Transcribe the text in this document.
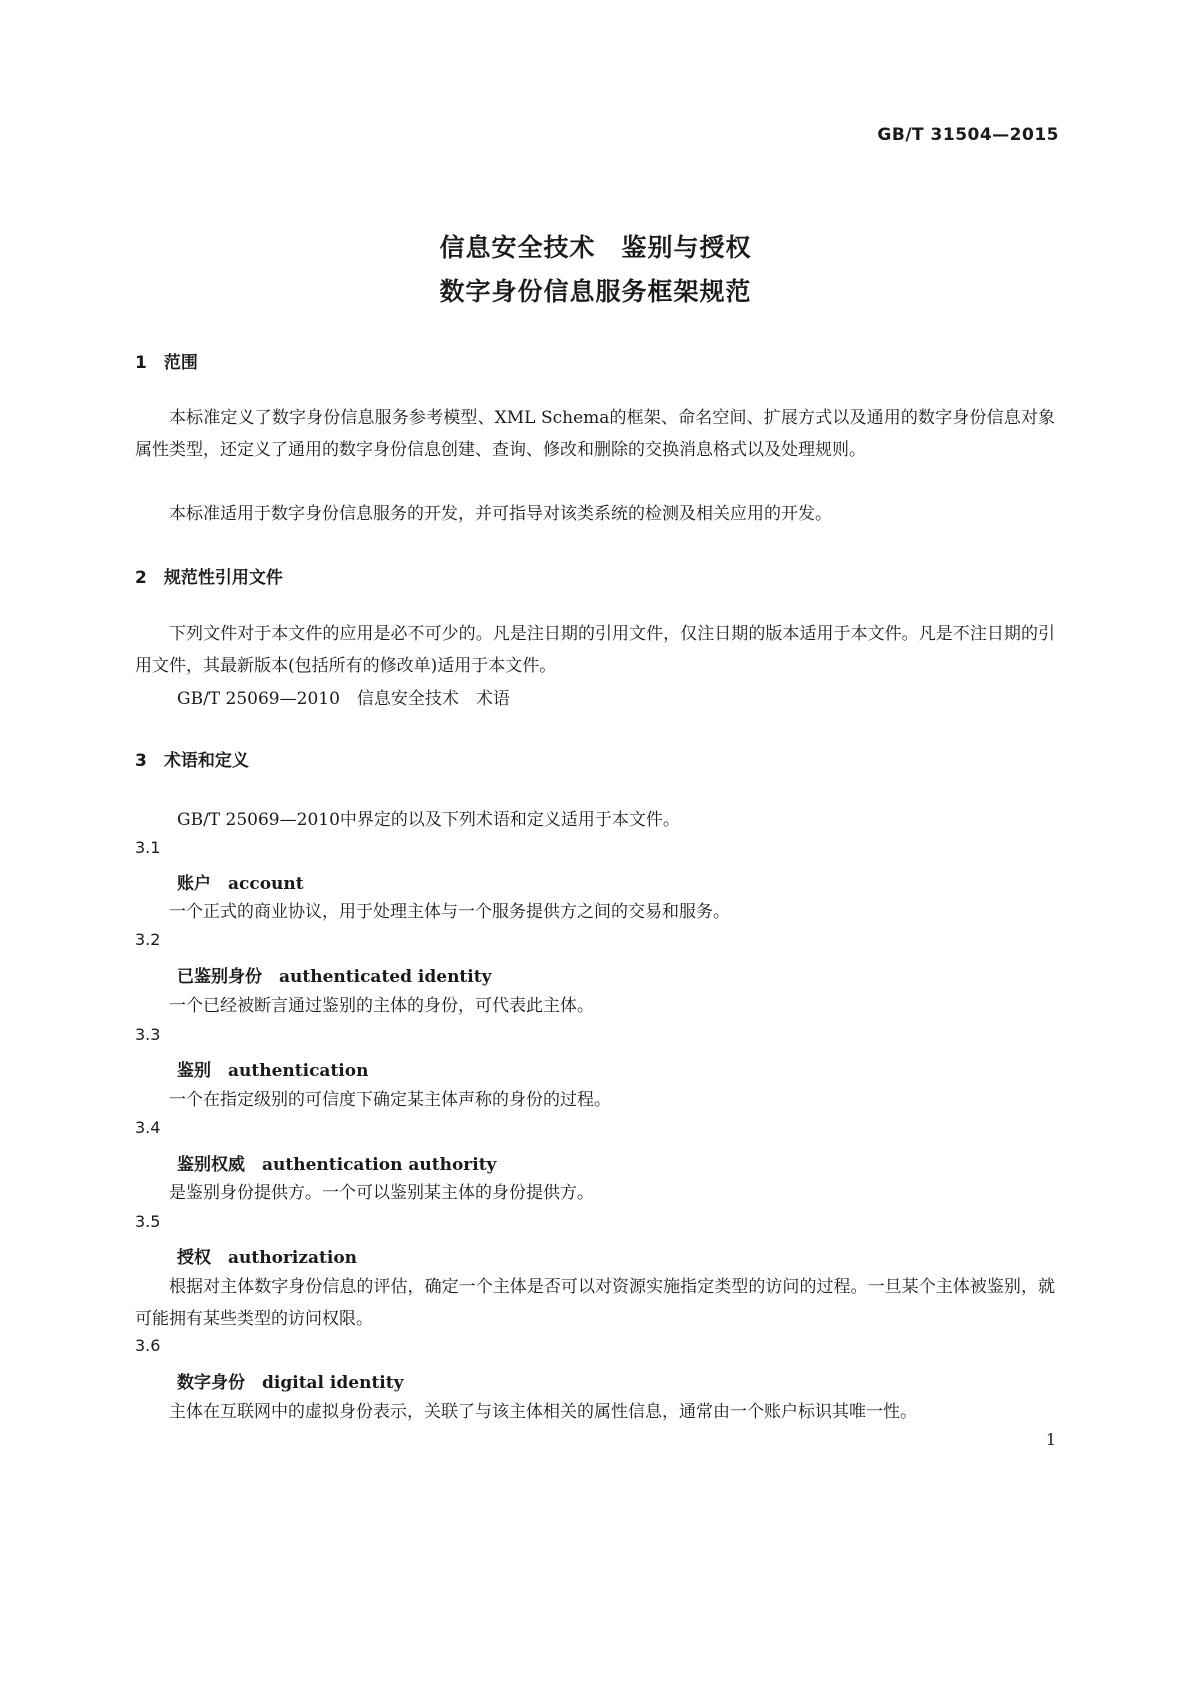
GB/T 31504—2015
信息安全技术　鉴别与授权
数字身份信息服务框架规范
1　范围
本标准定义了数字身份信息服务参考模型、XML Schema的框架、命名空间、扩展方式以及通用的数字身份信息对象属性类型，还定义了通用的数字身份信息创建、查询、修改和删除的交换消息格式以及处理规则。
本标准适用于数字身份信息服务的开发，并可指导对该类系统的检测及相关应用的开发。
2　规范性引用文件
下列文件对于本文件的应用是必不可少的。凡是注日期的引用文件，仅注日期的版本适用于本文件。凡是不注日期的引用文件，其最新版本(包括所有的修改单)适用于本文件。
GB/T 25069—2010　信息安全技术　术语
3　术语和定义
GB/T 25069—2010中界定的以及下列术语和定义适用于本文件。
3.1
账户　 account
一个正式的商业协议，用于处理主体与一个服务提供方之间的交易和服务。
3.2
已鉴别身份　 authenticated identity
一个已经被断言通过鉴别的主体的身份，可代表此主体。
3.3
鉴别　 authentication
一个在指定级别的可信度下确定某主体声称的身份的过程。
3.4
鉴别权威　 authentication authority
是鉴别身份提供方。一个可以鉴别某主体的身份提供方。
3.5
授权　 authorization
根据对主体数字身份信息的评估，确定一个主体是否可以对资源实施指定类型的访问的过程。一旦某个主体被鉴别，就可能拥有某些类型的访问权限。
3.6
数字身份　 digital identity
主体在互联网中的虚拟身份表示，关联了与该主体相关的属性信息，通常由一个账户标识其唯一性。
1
